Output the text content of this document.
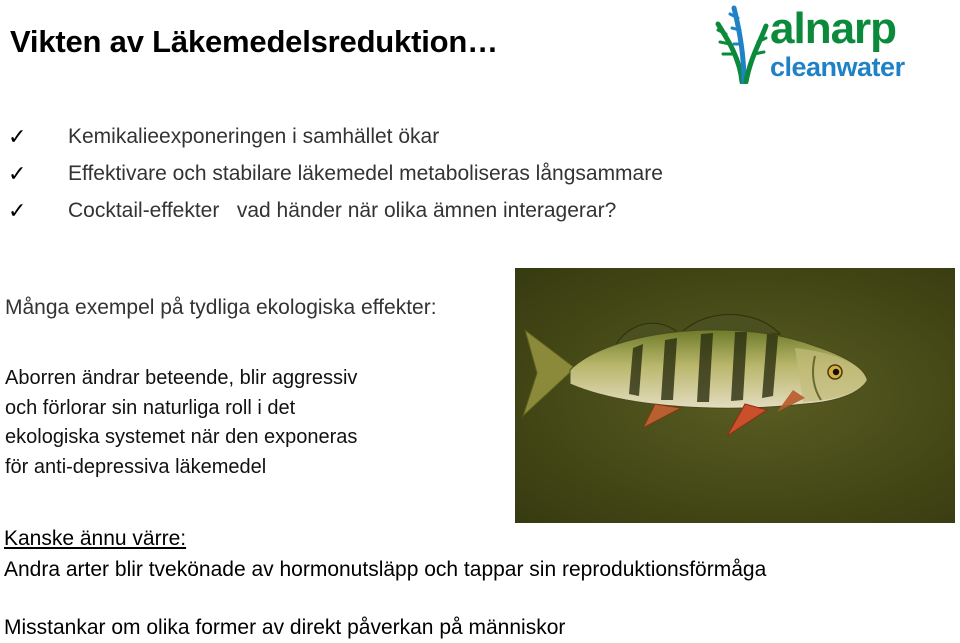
Vikten av Läkemedelsreduktion…	alnarp
cleanwater
✓	Kemikalieexponeringen i samhället ökar
✓	Effektivare och stabilare läkemedel metaboliseras långsammare
✓	Cocktail-effekter   vad händer när olika ämnen interagerar?
Många exempel på tydliga ekologiska effekter:
Aborren ändrar beteende, blir aggressiv
och förlorar sin naturliga roll i det
ekologiska systemet när den exponeras
för anti-depressiva läkemedel
Kanske ännu värre:
Andra arter blir tvekönade av hormonutsläpp och tappar sin reproduktionsförmåga
Misstankar om olika former av direkt påverkan på människor
